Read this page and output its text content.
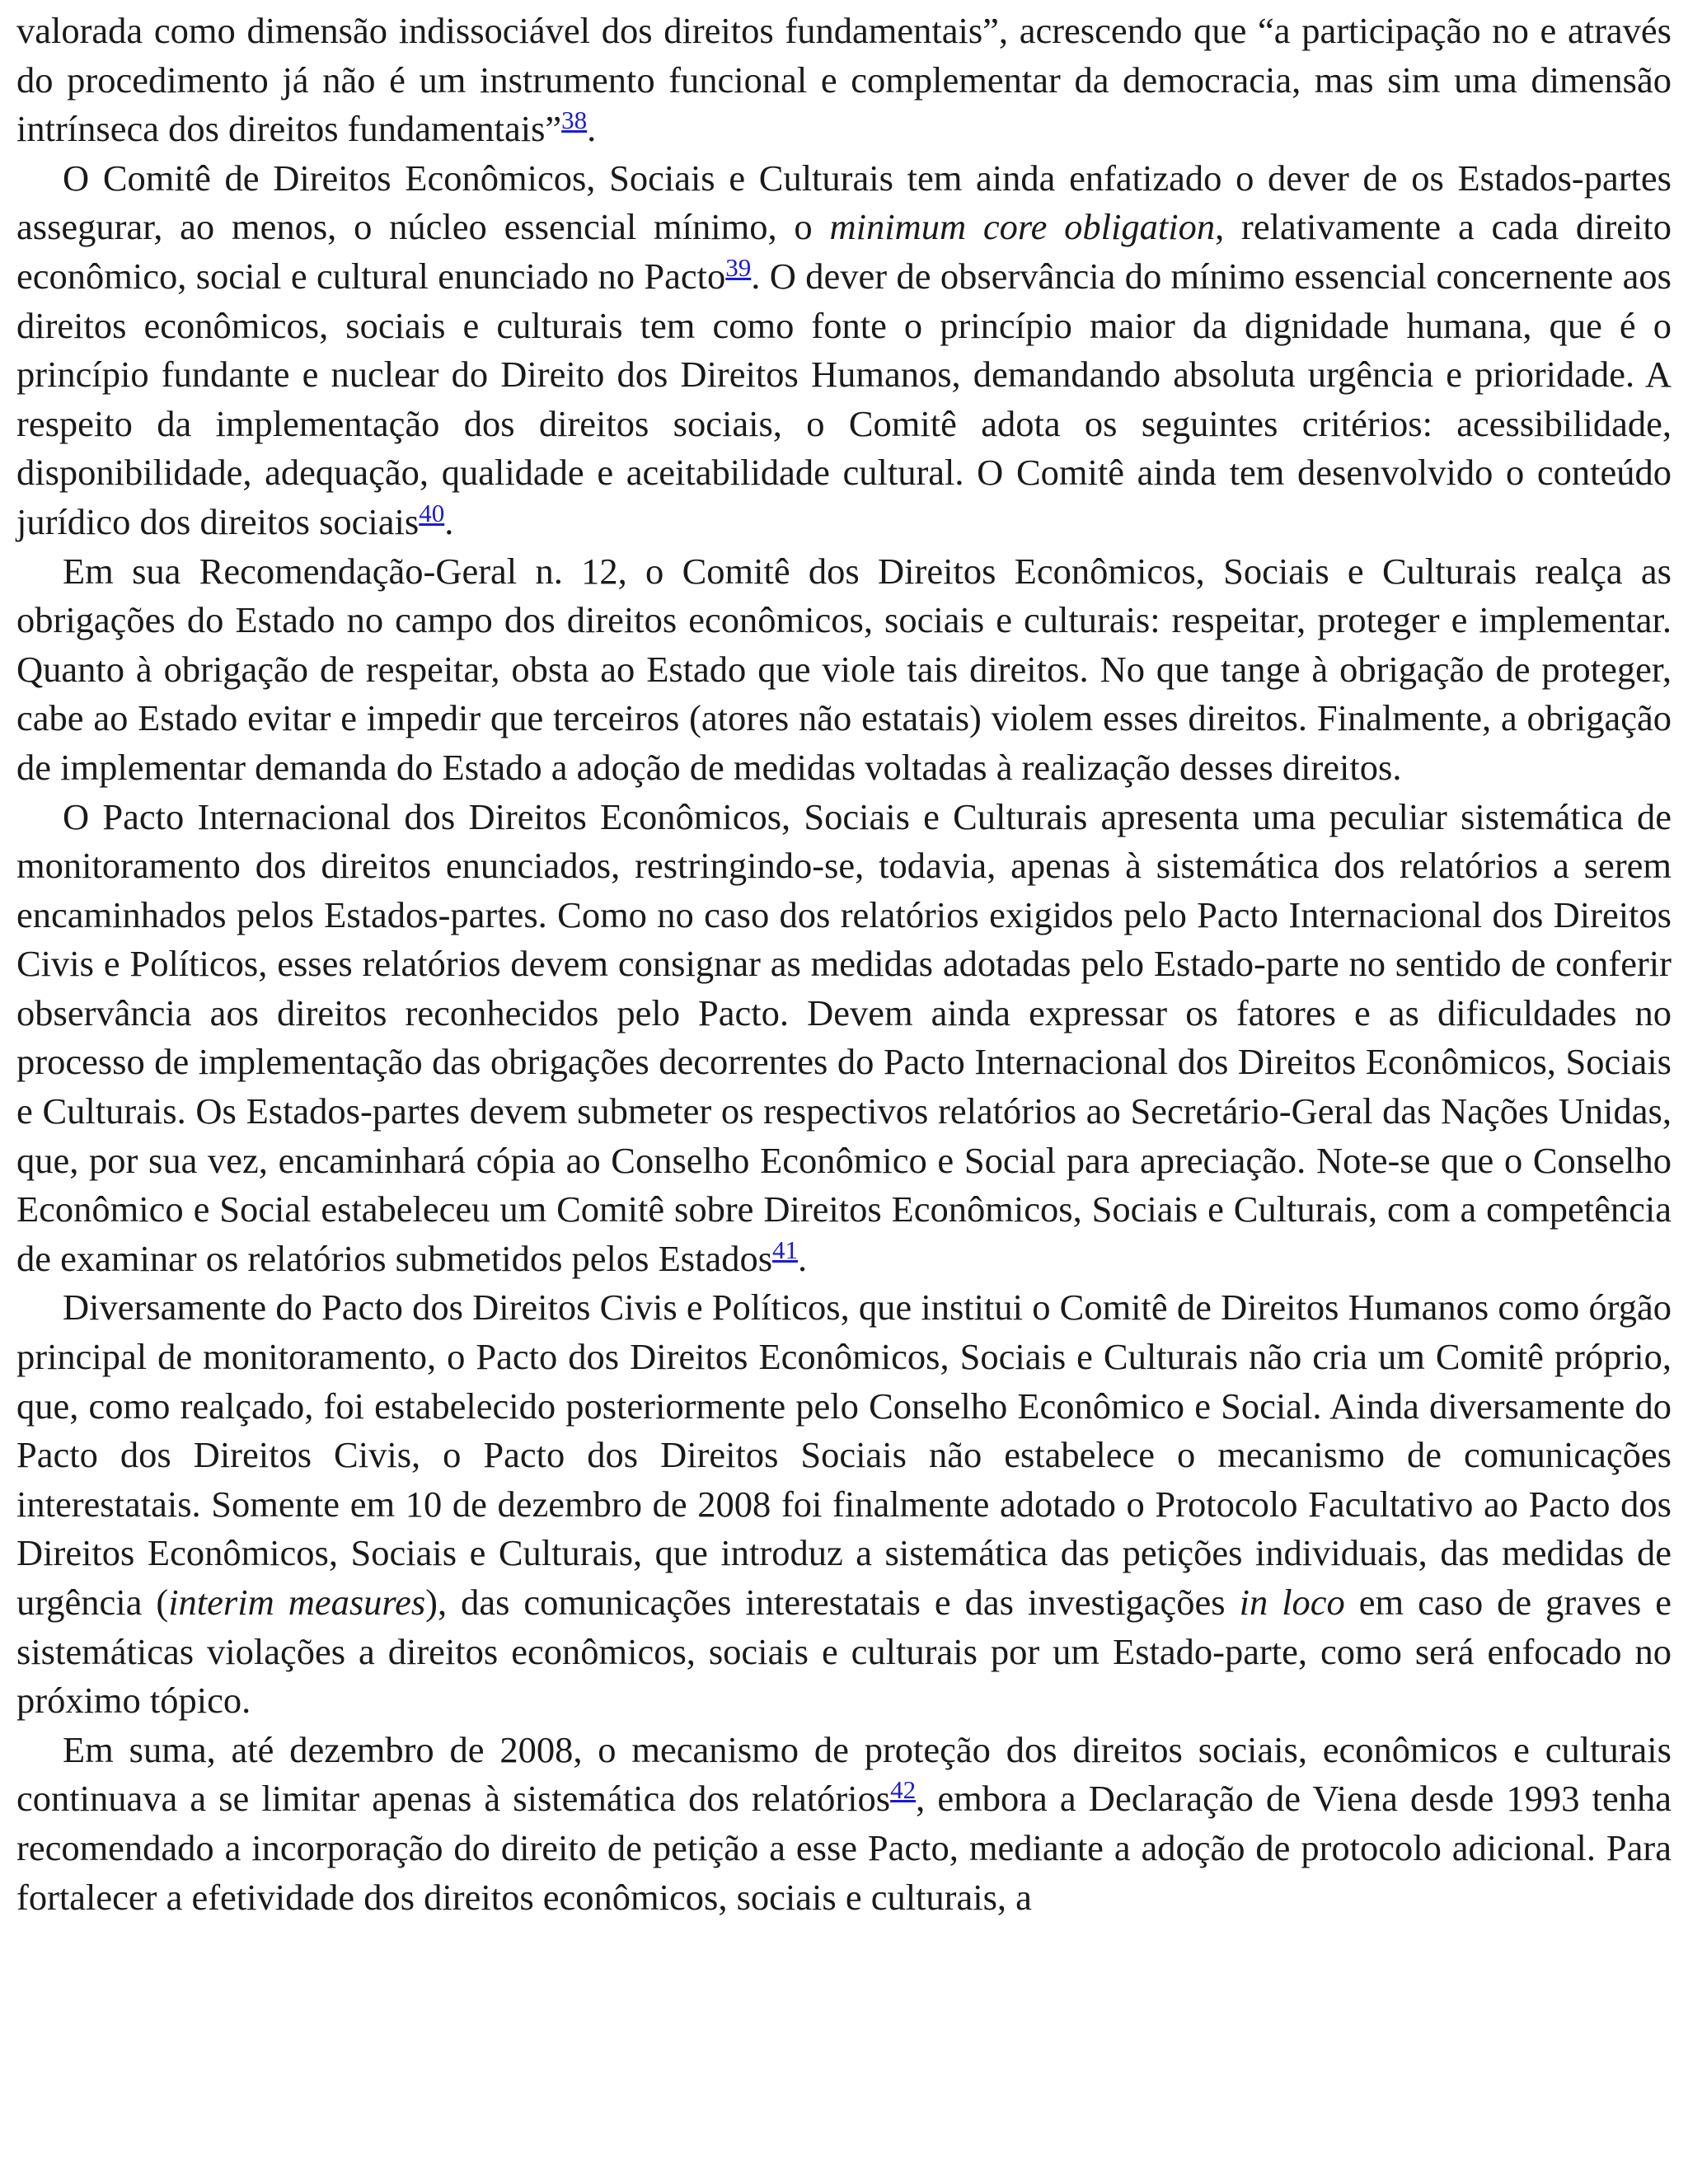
valorada como dimensão indissociável dos direitos fundamentais”, acrescendo que “a participação no e através do procedimento já não é um instrumento funcional e complementar da democracia, mas sim uma dimensão intrínseca dos direitos fundamentais”$^{38}$.

O Comitê de Direitos Econômicos, Sociais e Culturais tem ainda enfatizado o dever de os Estados-partes assegurar, ao menos, o núcleo essencial mínimo, o minimum core obligation, relativamente a cada direito econômico, social e cultural enunciado no Pacto$^{39}$. O dever de observância do mínimo essencial concernente aos direitos econômicos, sociais e culturais tem como fonte o princípio maior da dignidade humana, que é o princípio fundante e nuclear do Direito dos Direitos Humanos, demandando absoluta urgência e prioridade. A respeito da implementação dos direitos sociais, o Comitê adota os seguintes critérios: acessibilidade, disponibilidade, adequação, qualidade e aceitabilidade cultural. O Comitê ainda tem desenvolvido o conteúdo jurídico dos direitos sociais$^{40}$.

Em sua Recomendação-Geral n. 12, o Comitê dos Direitos Econômicos, Sociais e Culturais realça as obrigações do Estado no campo dos direitos econômicos, sociais e culturais: respeitar, proteger e implementar. Quanto à obrigação de respeitar, obsta ao Estado que viole tais direitos. No que tange à obrigação de proteger, cabe ao Estado evitar e impedir que terceiros (atores não estatais) violem esses direitos. Finalmente, a obrigação de implementar demanda do Estado a adoção de medidas voltadas à realização desses direitos.

O Pacto Internacional dos Direitos Econômicos, Sociais e Culturais apresenta uma peculiar sistemática de monitoramento dos direitos enunciados, restringindo-se, todavia, apenas à sistemática dos relatórios a serem encaminhados pelos Estados-partes. Como no caso dos relatórios exigidos pelo Pacto Internacional dos Direitos Civis e Políticos, esses relatórios devem consignar as medidas adotadas pelo Estado-parte no sentido de conferir observância aos direitos reconhecidos pelo Pacto. Devem ainda expressar os fatores e as dificuldades no processo de implementação das obrigações decorrentes do Pacto Internacional dos Direitos Econômicos, Sociais e Culturais. Os Estados-partes devem submeter os respectivos relatórios ao Secretário-Geral das Nações Unidas, que, por sua vez, encaminhará cópia ao Conselho Econômico e Social para apreciação. Note-se que o Conselho Econômico e Social estabeleceu um Comitê sobre Direitos Econômicos, Sociais e Culturais, com a competência de examinar os relatórios submetidos pelos Estados$^{41}$.

Diversamente do Pacto dos Direitos Civis e Políticos, que institui o Comitê de Direitos Humanos como órgão principal de monitoramento, o Pacto dos Direitos Econômicos, Sociais e Culturais não cria um Comitê próprio, que, como realçado, foi estabelecido posteriormente pelo Conselho Econômico e Social. Ainda diversamente do Pacto dos Direitos Civis, o Pacto dos Direitos Sociais não estabelece o mecanismo de comunicações interestatais. Somente em 10 de dezembro de 2008 foi finalmente adotado o Protocolo Facultativo ao Pacto dos Direitos Econômicos, Sociais e Culturais, que introduz a sistemática das petições individuais, das medidas de urgência (interim measures), das comunicações interestatais e das investigações in loco em caso de graves e sistemáticas violações a direitos econômicos, sociais e culturais por um Estado-parte, como será enfocado no próximo tópico.

Em suma, até dezembro de 2008, o mecanismo de proteção dos direitos sociais, econômicos e culturais continuava a se limitar apenas à sistemática dos relatórios$^{42}$, embora a Declaração de Viena desde 1993 tenha recomendado a incorporação do direito de petição a esse Pacto, mediante a adoção de protocolo adicional. Para fortalecer a efetividade dos direitos econômicos, sociais e culturais, a
